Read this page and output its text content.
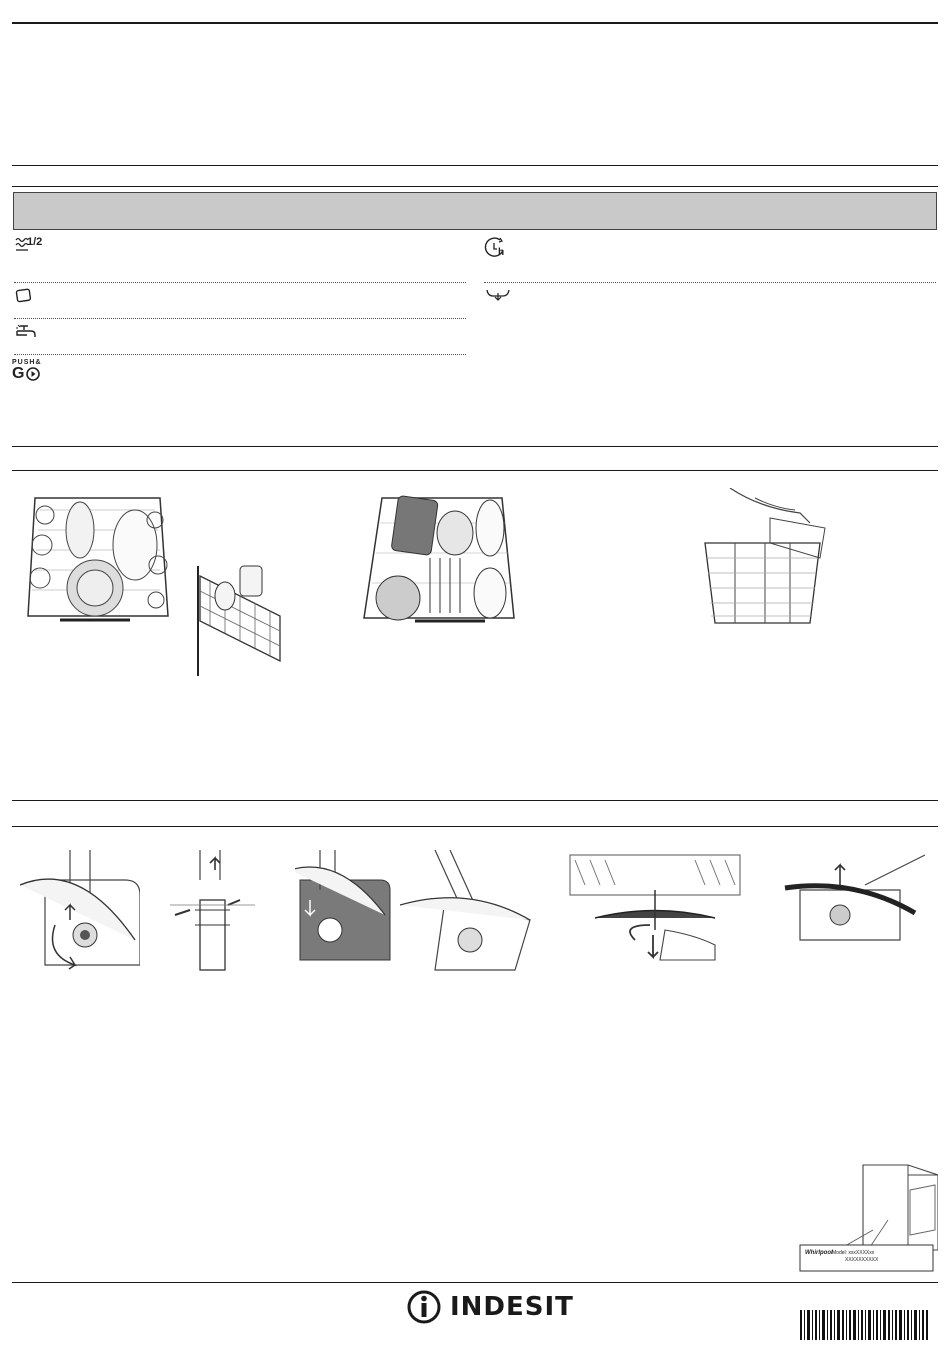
1/2
PUSH&
G
h
Whirlpool Model: xxxXXXXxx
XXXXXXXXXX
INDESIT
